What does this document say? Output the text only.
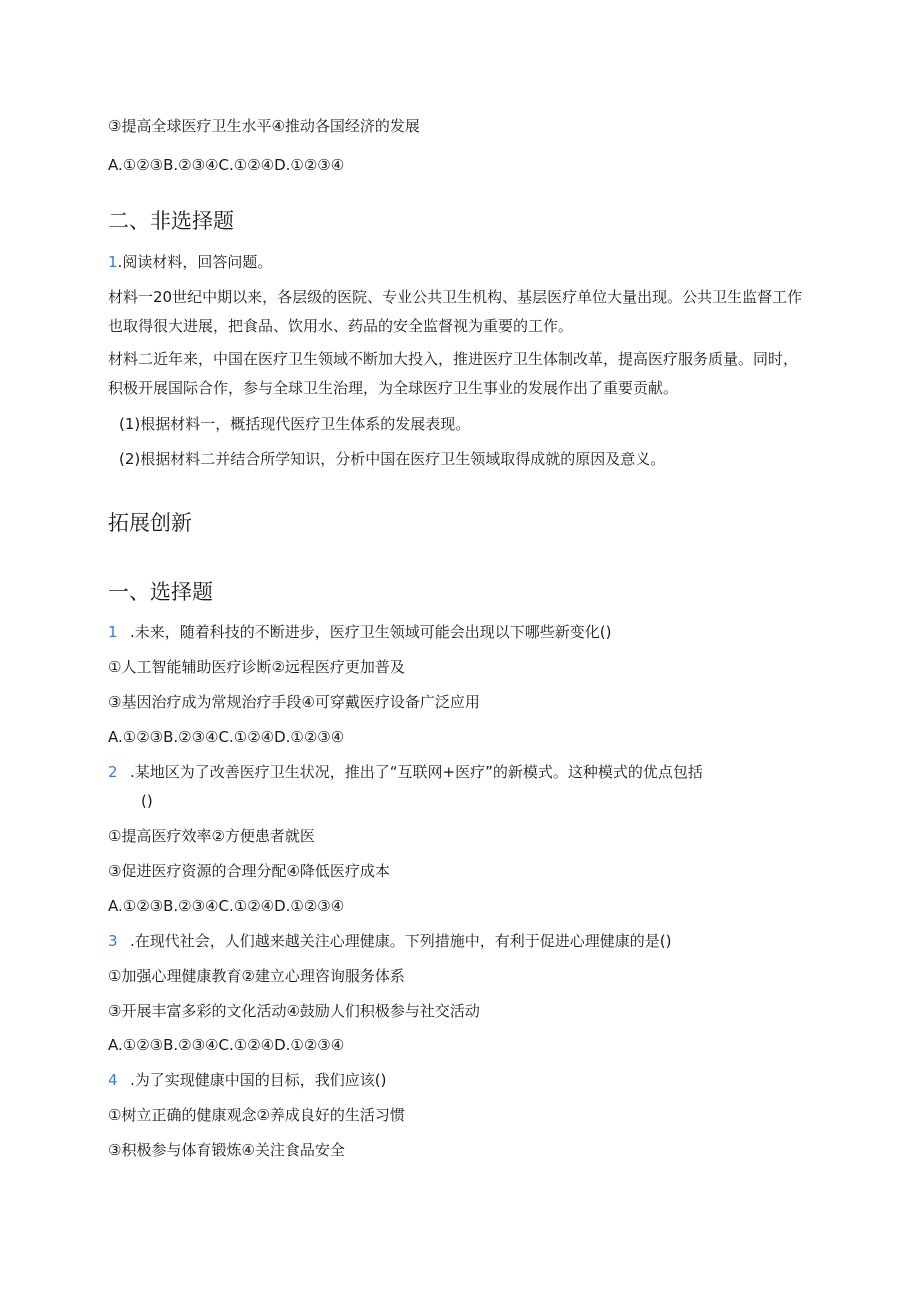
③提高全球医疗卫生水平④推动各国经济的发展
A.①②③B.②③④C.①②④D.①②③④
二、非选择题
1.阅读材料，回答问题。
材料一20世纪中期以来，各层级的医院、专业公共卫生机构、基层医疗单位大量出现。公共卫生监督工作也取得很大进展，把食品、饮用水、药品的安全监督视为重要的工作。
材料二近年来，中国在医疗卫生领域不断加大投入，推进医疗卫生体制改革，提高医疗服务质量。同时，积极开展国际合作，参与全球卫生治理，为全球医疗卫生事业的发展作出了重要贡献。
(1)根据材料一，概括现代医疗卫生体系的发展表现。
(2)根据材料二并结合所学知识，分析中国在医疗卫生领域取得成就的原因及意义。
拓展创新
一、选择题
1 .未来，随着科技的不断进步，医疗卫生领域可能会出现以下哪些新变化()
①人工智能辅助医疗诊断②远程医疗更加普及
③基因治疗成为常规治疗手段④可穿戴医疗设备广泛应用
A.①②③B.②③④C.①②④D.①②③④
2 .某地区为了改善医疗卫生状况，推出了“互联网+医疗”的新模式。这种模式的优点包括
()
①提高医疗效率②方便患者就医
③促进医疗资源的合理分配④降低医疗成本
A.①②③B.②③④C.①②④D.①②③④
3 .在现代社会，人们越来越关注心理健康。下列措施中，有利于促进心理健康的是()
①加强心理健康教育②建立心理咨询服务体系
③开展丰富多彩的文化活动④鼓励人们积极参与社交活动
A.①②③B.②③④C.①②④D.①②③④
4 .为了实现健康中国的目标，我们应该()
①树立正确的健康观念②养成良好的生活习惯
③积极参与体育锻炼④关注食品安全
